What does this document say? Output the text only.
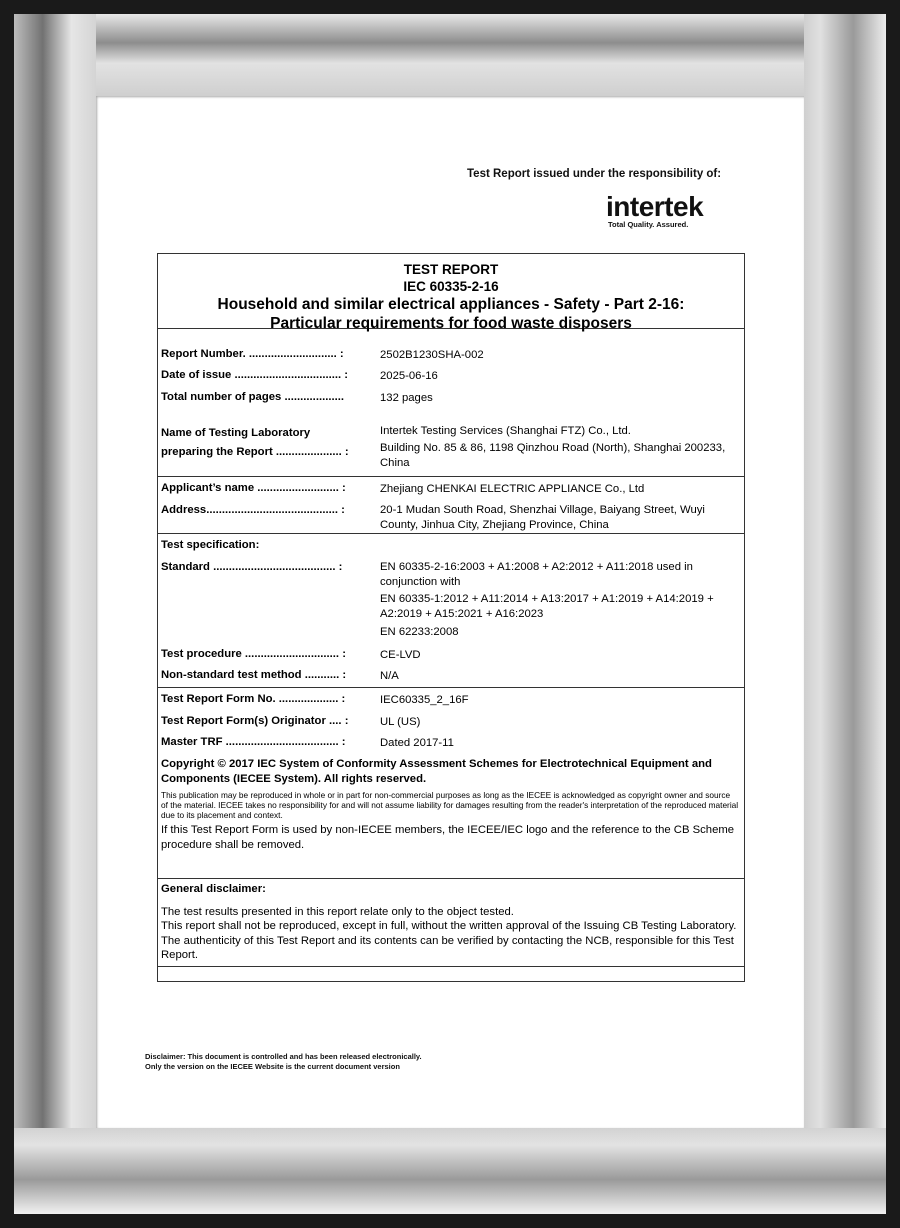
Test Report issued under the responsibility of:
intertek
Total Quality. Assured.
TEST REPORT
IEC 60335-2-16
Household and similar electrical appliances - Safety - Part 2-16:
Particular requirements for food waste disposers
Report Number. ............................ :	2502B1230SHA-002
Date of issue .................................. :	2025-06-16
Total number of pages ...................	132 pages
Name of Testing Laboratory
preparing the Report ..................... :
Intertek Testing Services (Shanghai FTZ) Co., Ltd.
Building No. 85 & 86, 1198 Qinzhou Road (North), Shanghai 200233, China
Applicant’s name .......................... :	Zhejiang CHENKAI ELECTRIC APPLIANCE Co., Ltd
Address.......................................... :	20-1 Mudan South Road, Shenzhai Village, Baiyang Street, Wuyi County, Jinhua City, Zhejiang Province, China
Test specification:
Standard ....................................... :	EN 60335-2-16:2003 + A1:2008 + A2:2012 + A11:2018 used in conjunction with
EN 60335-1:2012 + A11:2014 + A13:2017 + A1:2019 + A14:2019 + A2:2019 + A15:2021 + A16:2023
EN 62233:2008
Test procedure .............................. :	CE-LVD
Non-standard test method ........... :	N/A
Test Report Form No. ................... :	IEC60335_2_16F
Test Report Form(s) Originator .... :	UL (US)
Master TRF .................................... :	Dated 2017-11
Copyright © 2017 IEC System of Conformity Assessment Schemes for Electrotechnical Equipment and Components (IECEE System). All rights reserved.
This publication may be reproduced in whole or in part for non-commercial purposes as long as the IECEE is acknowledged as copyright owner and source of the material. IECEE takes no responsibility for and will not assume liability for damages resulting from the reader's interpretation of the reproduced material due to its placement and context.
If this Test Report Form is used by non-IECEE members, the IECEE/IEC logo and the reference to the CB Scheme procedure shall be removed.
General disclaimer:
The test results presented in this report relate only to the object tested.
This report shall not be reproduced, except in full, without the written approval of the Issuing CB Testing Laboratory. The authenticity of this Test Report and its contents can be verified by contacting the NCB, responsible for this Test Report.
Disclaimer: This document is controlled and has been released electronically.
Only the version on the IECEE Website is the current document version
